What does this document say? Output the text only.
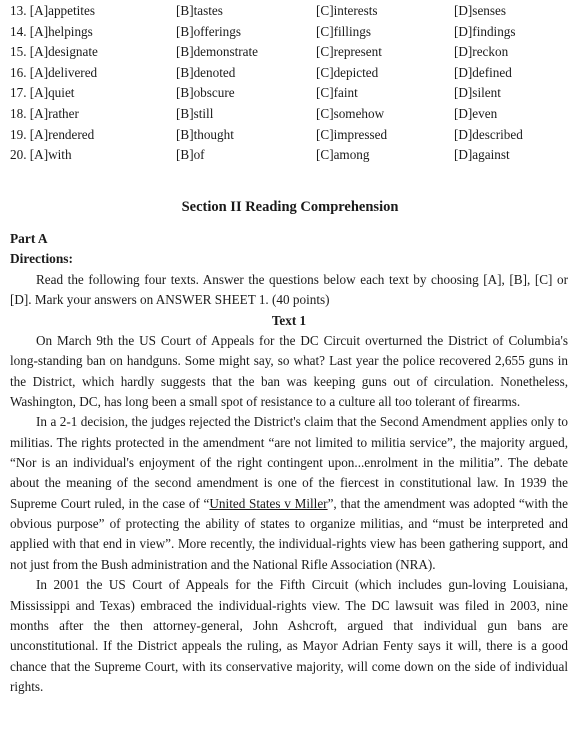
13. [A]appetites	[B]tastes	[C]interests	[D]senses
14. [A]helpings	[B]offerings	[C]fillings	[D]findings
15. [A]designate	[B]demonstrate	[C]represent	[D]reckon
16. [A]delivered	[B]denoted	[C]depicted	[D]defined
17. [A]quiet	[B]obscure	[C]faint	[D]silent
18. [A]rather	[B]still	[C]somehow	[D]even
19. [A]rendered	[B]thought	[C]impressed	[D]described
20. [A]with	[B]of	[C]among	[D]against
Section II Reading Comprehension
Part A
Directions:

Read the following four texts. Answer the questions below each text by choosing [A], [B], [C] or [D]. Mark your answers on ANSWER SHEET 1. (40 points)

Text 1

On March 9th the US Court of Appeals for the DC Circuit overturned the District of Columbia's long-standing ban on handguns. Some might say, so what? Last year the police recovered 2,655 guns in the District, which hardly suggests that the ban was keeping guns out of circulation. Nonetheless, Washington, DC, has long been a small spot of resistance to a culture all too tolerant of firearms.

In a 2-1 decision, the judges rejected the District's claim that the Second Amendment applies only to militias. The rights protected in the amendment “are not limited to militia service”, the majority argued, “Nor is an individual's enjoyment of the right contingent upon...enrolment in the militia”. The debate about the meaning of the second amendment is one of the fiercest in constitutional law. In 1939 the Supreme Court ruled, in the case of “United States v Miller”, that the amendment was adopted “with the obvious purpose” of protecting the ability of states to organize militias, and “must be interpreted and applied with that end in view”. More recently, the individual-rights view has been gathering support, and not just from the Bush administration and the National Rifle Association (NRA).

In 2001 the US Court of Appeals for the Fifth Circuit (which includes gun-loving Louisiana, Mississippi and Texas) embraced the individual-rights view. The DC lawsuit was filed in 2003, nine months after the then attorney-general, John Ashcroft, argued that individual gun bans are unconstitutional. If the District appeals the ruling, as Mayor Adrian Fenty says it will, there is a good chance that the Supreme Court, with its conservative majority, will come down on the side of individual rights.
